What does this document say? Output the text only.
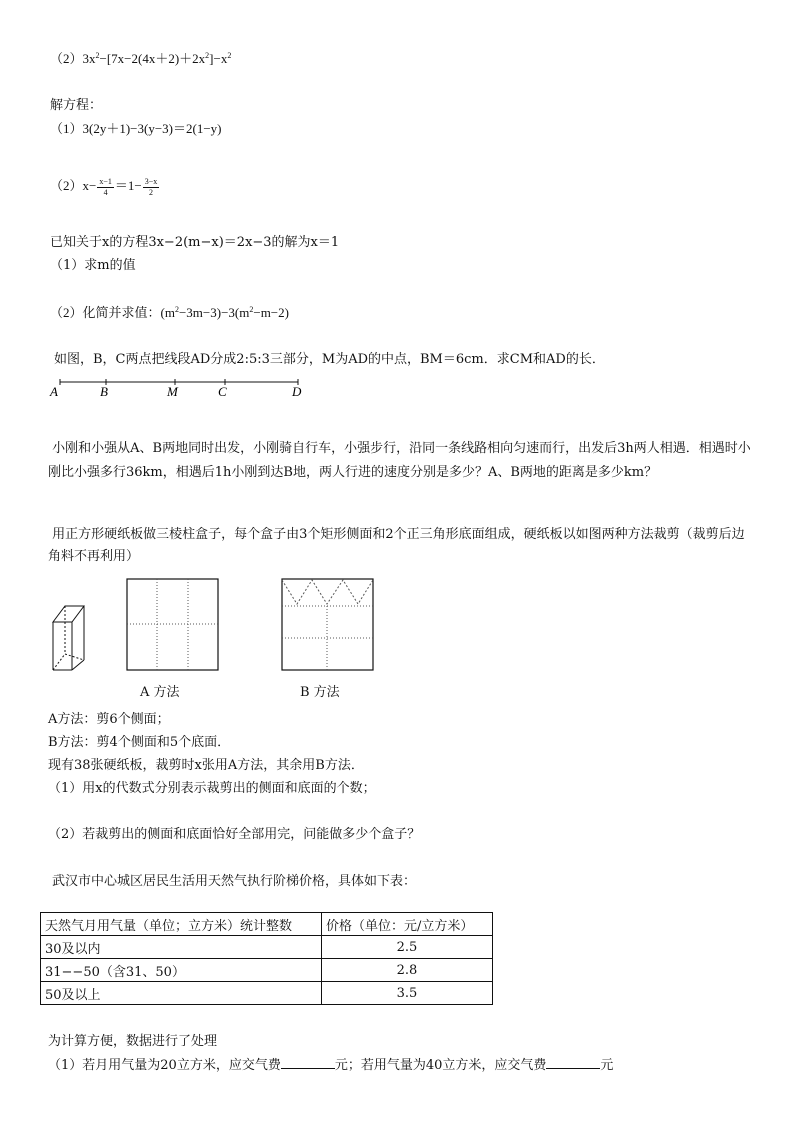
$(2)3x^2-[7x-2(4x+2)+2x^2]-x^2$
解方程：
（1）3(2y＋1)−3(y−3)＝2(1−y)
$(2)x- \frac{x-1}{4} =1- \frac{3-x}{2}$
已知关于x的方程3x−2(m−x)＝2x−3的解为x＝1
（1）求m的值
（2）化简并求值：$(m^2-3m-3)-3(m^2-m-2)$
如图，B，C两点把线段AD分成2:5:3三部分，M为AD的中点，BM＝6cm．求CM和AD的长．
A	B	M	C	D
小刚和小强从A、B两地同时出发，小刚骑自行车，小强步行，沿同一条线路相向匀速而行，出发后3h两人相遇．相遇时小刚比小强多行36km，相遇后1h小刚到达B地，两人行进的速度分别是多少？A、B两地的距离是多少km？
用正方形硬纸板做三棱柱盒子，每个盒子由3个矩形侧面和2个正三角形底面组成，硬纸板以如图两种方法裁剪（裁剪后边角料不再利用）
A 方法	B 方法
A方法：剪6个侧面；
B方法：剪4个侧面和5个底面．
现有38张硬纸板，裁剪时x张用A方法，其余用B方法．
（1）用x的代数式分别表示裁剪出的侧面和底面的个数；
（2）若裁剪出的侧面和底面恰好全部用完，问能做多少个盒子？
武汉市中心城区居民生活用天然气执行阶梯价格，具体如下表：
天然气月用气量（单位；立方米）统计整数	价格（单位：元/立方米）
30及以内	2.5
31−−50（含31、50）	2.8
50及以上	3.5
为计算方便，数据进行了处理
（1）若月用气量为20立方米，应交气费	元；若用气量为40立方米，应交气费	元
